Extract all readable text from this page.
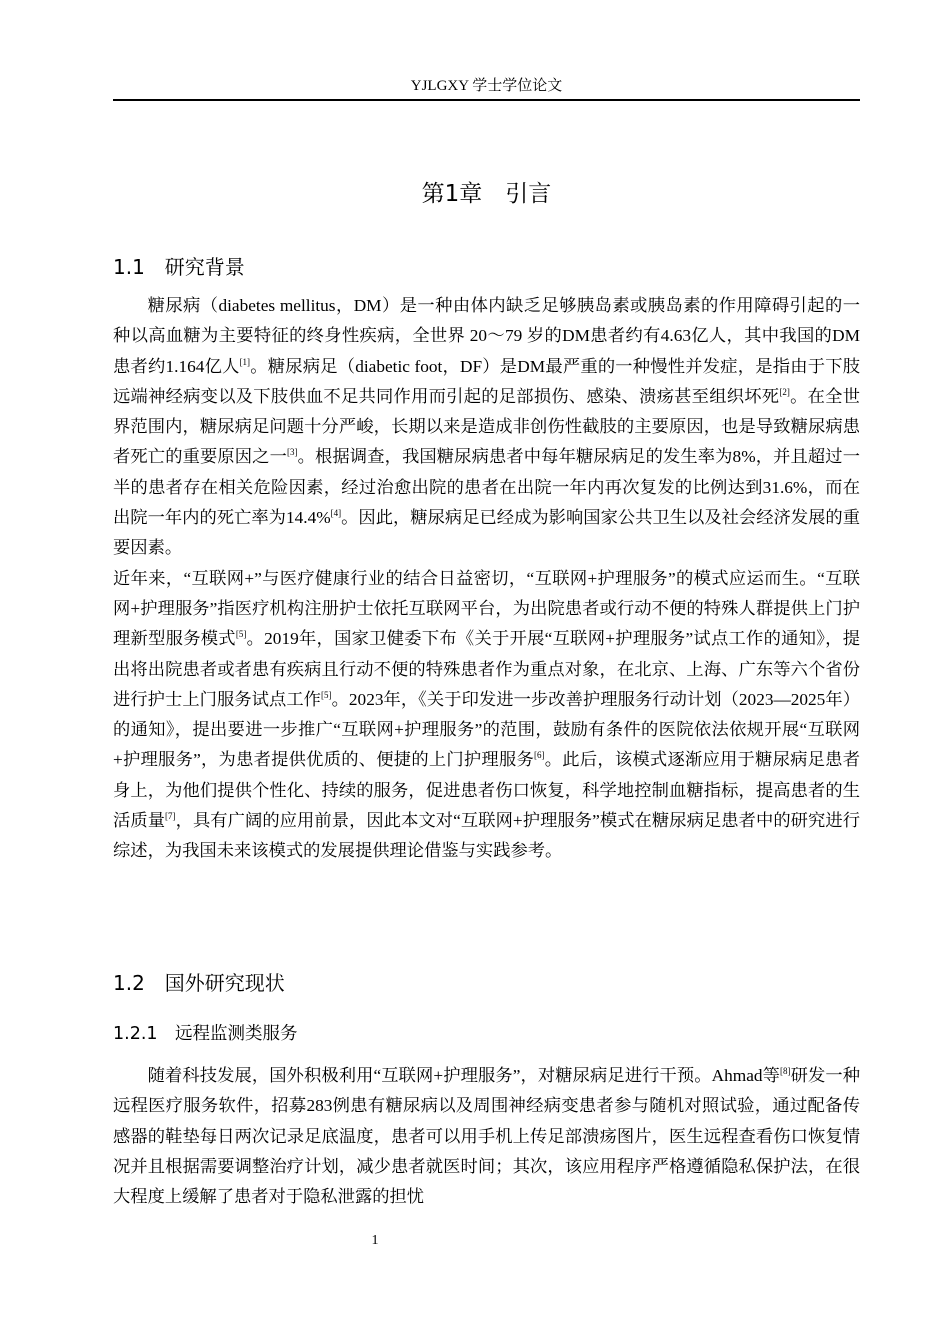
YJLGXY 学士学位论文
第1章　引言
1.1　研究背景

糖尿病（diabetes mellitus，DM）是一种由体内缺乏足够胰岛素或胰岛素的作用障碍引起的一种以高血糖为主要特征的终身性疾病，全世界 20～79 岁的DM患者约有4.63亿人，其中我国的DM患者约1.164亿人[1]。糖尿病足（diabetic foot，DF）是DM最严重的一种慢性并发症，是指由于下肢远端神经病变以及下肢供血不足共同作用而引起的足部损伤、感染、溃疡甚至组织坏死[2]。在全世界范围内，糖尿病足问题十分严峻，长期以来是造成非创伤性截肢的主要原因，也是导致糖尿病患者死亡的重要原因之一[3]。根据调查，我国糖尿病患者中每年糖尿病足的发生率为8%，并且超过一半的患者存在相关危险因素，经过治愈出院的患者在出院一年内再次复发的比例达到31.6%，而在出院一年内的死亡率为14.4%[4]。因此，糖尿病足已经成为影响国家公共卫生以及社会经济发展的重要因素。

近年来，“互联网+”与医疗健康行业的结合日益密切，“互联网+护理服务”的模式应运而生。“互联网+护理服务”指医疗机构注册护士依托互联网平台，为出院患者或行动不便的特殊人群提供上门护理新型服务模式[5]。2019年，国家卫健委下布《关于开展“互联网+护理服务”试点工作的通知》，提出将出院患者或者患有疾病且行动不便的特殊患者作为重点对象，在北京、上海、广东等六个省份进行护士上门服务试点工作[5]。2023年，《关于印发进一步改善护理服务行动计划（2023—2025年）的通知》，提出要进一步推广“互联网+护理服务”的范围，鼓励有条件的医院依法依规开展“互联网+护理服务”，为患者提供优质的、便捷的上门护理服务[6]。此后，该模式逐渐应用于糖尿病足患者身上，为他们提供个性化、持续的服务，促进患者伤口恢复，科学地控制血糖指标，提高患者的生活质量[7]，具有广阔的应用前景，因此本文对“互联网+护理服务”模式在糖尿病足患者中的研究进行综述，为我国未来该模式的发展提供理论借鉴与实践参考。

1.2　国外研究现状
1.2.1　远程监测类服务

随着科技发展，国外积极利用“互联网+护理服务”，对糖尿病足进行干预。Ahmad等[8]研发一种远程医疗服务软件，招募283例患有糖尿病以及周围神经病变患者参与随机对照试验，通过配备传感器的鞋垫每日两次记录足底温度，患者可以用手机上传足部溃疡图片，医生远程查看伤口恢复情况并且根据需要调整治疗计划，减少患者就医时间；其次，该应用程序严格遵循隐私保护法，在很大程度上缓解了患者对于隐私泄露的担忧

1
